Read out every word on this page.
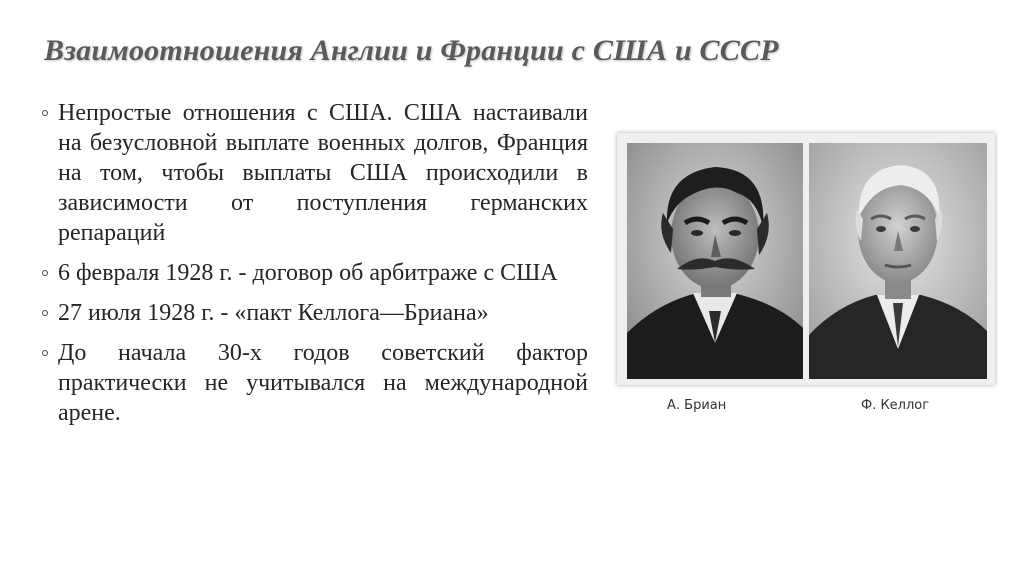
Взаимоотношения Англии и Франции с США и СССР
Непростые отношения с США. США настаивали на безусловной выплате военных долгов, Франция на том, чтобы выплаты США происходили в зависимости от поступления германских репараций
6 февраля 1928 г. - договор об арбитраже с США
27 июля 1928 г. - «пакт Келлога—Бриана»
До начала 30-х годов советский фактор практически не учитывался на международной арене.	А. Бриан	Ф. Келлог
